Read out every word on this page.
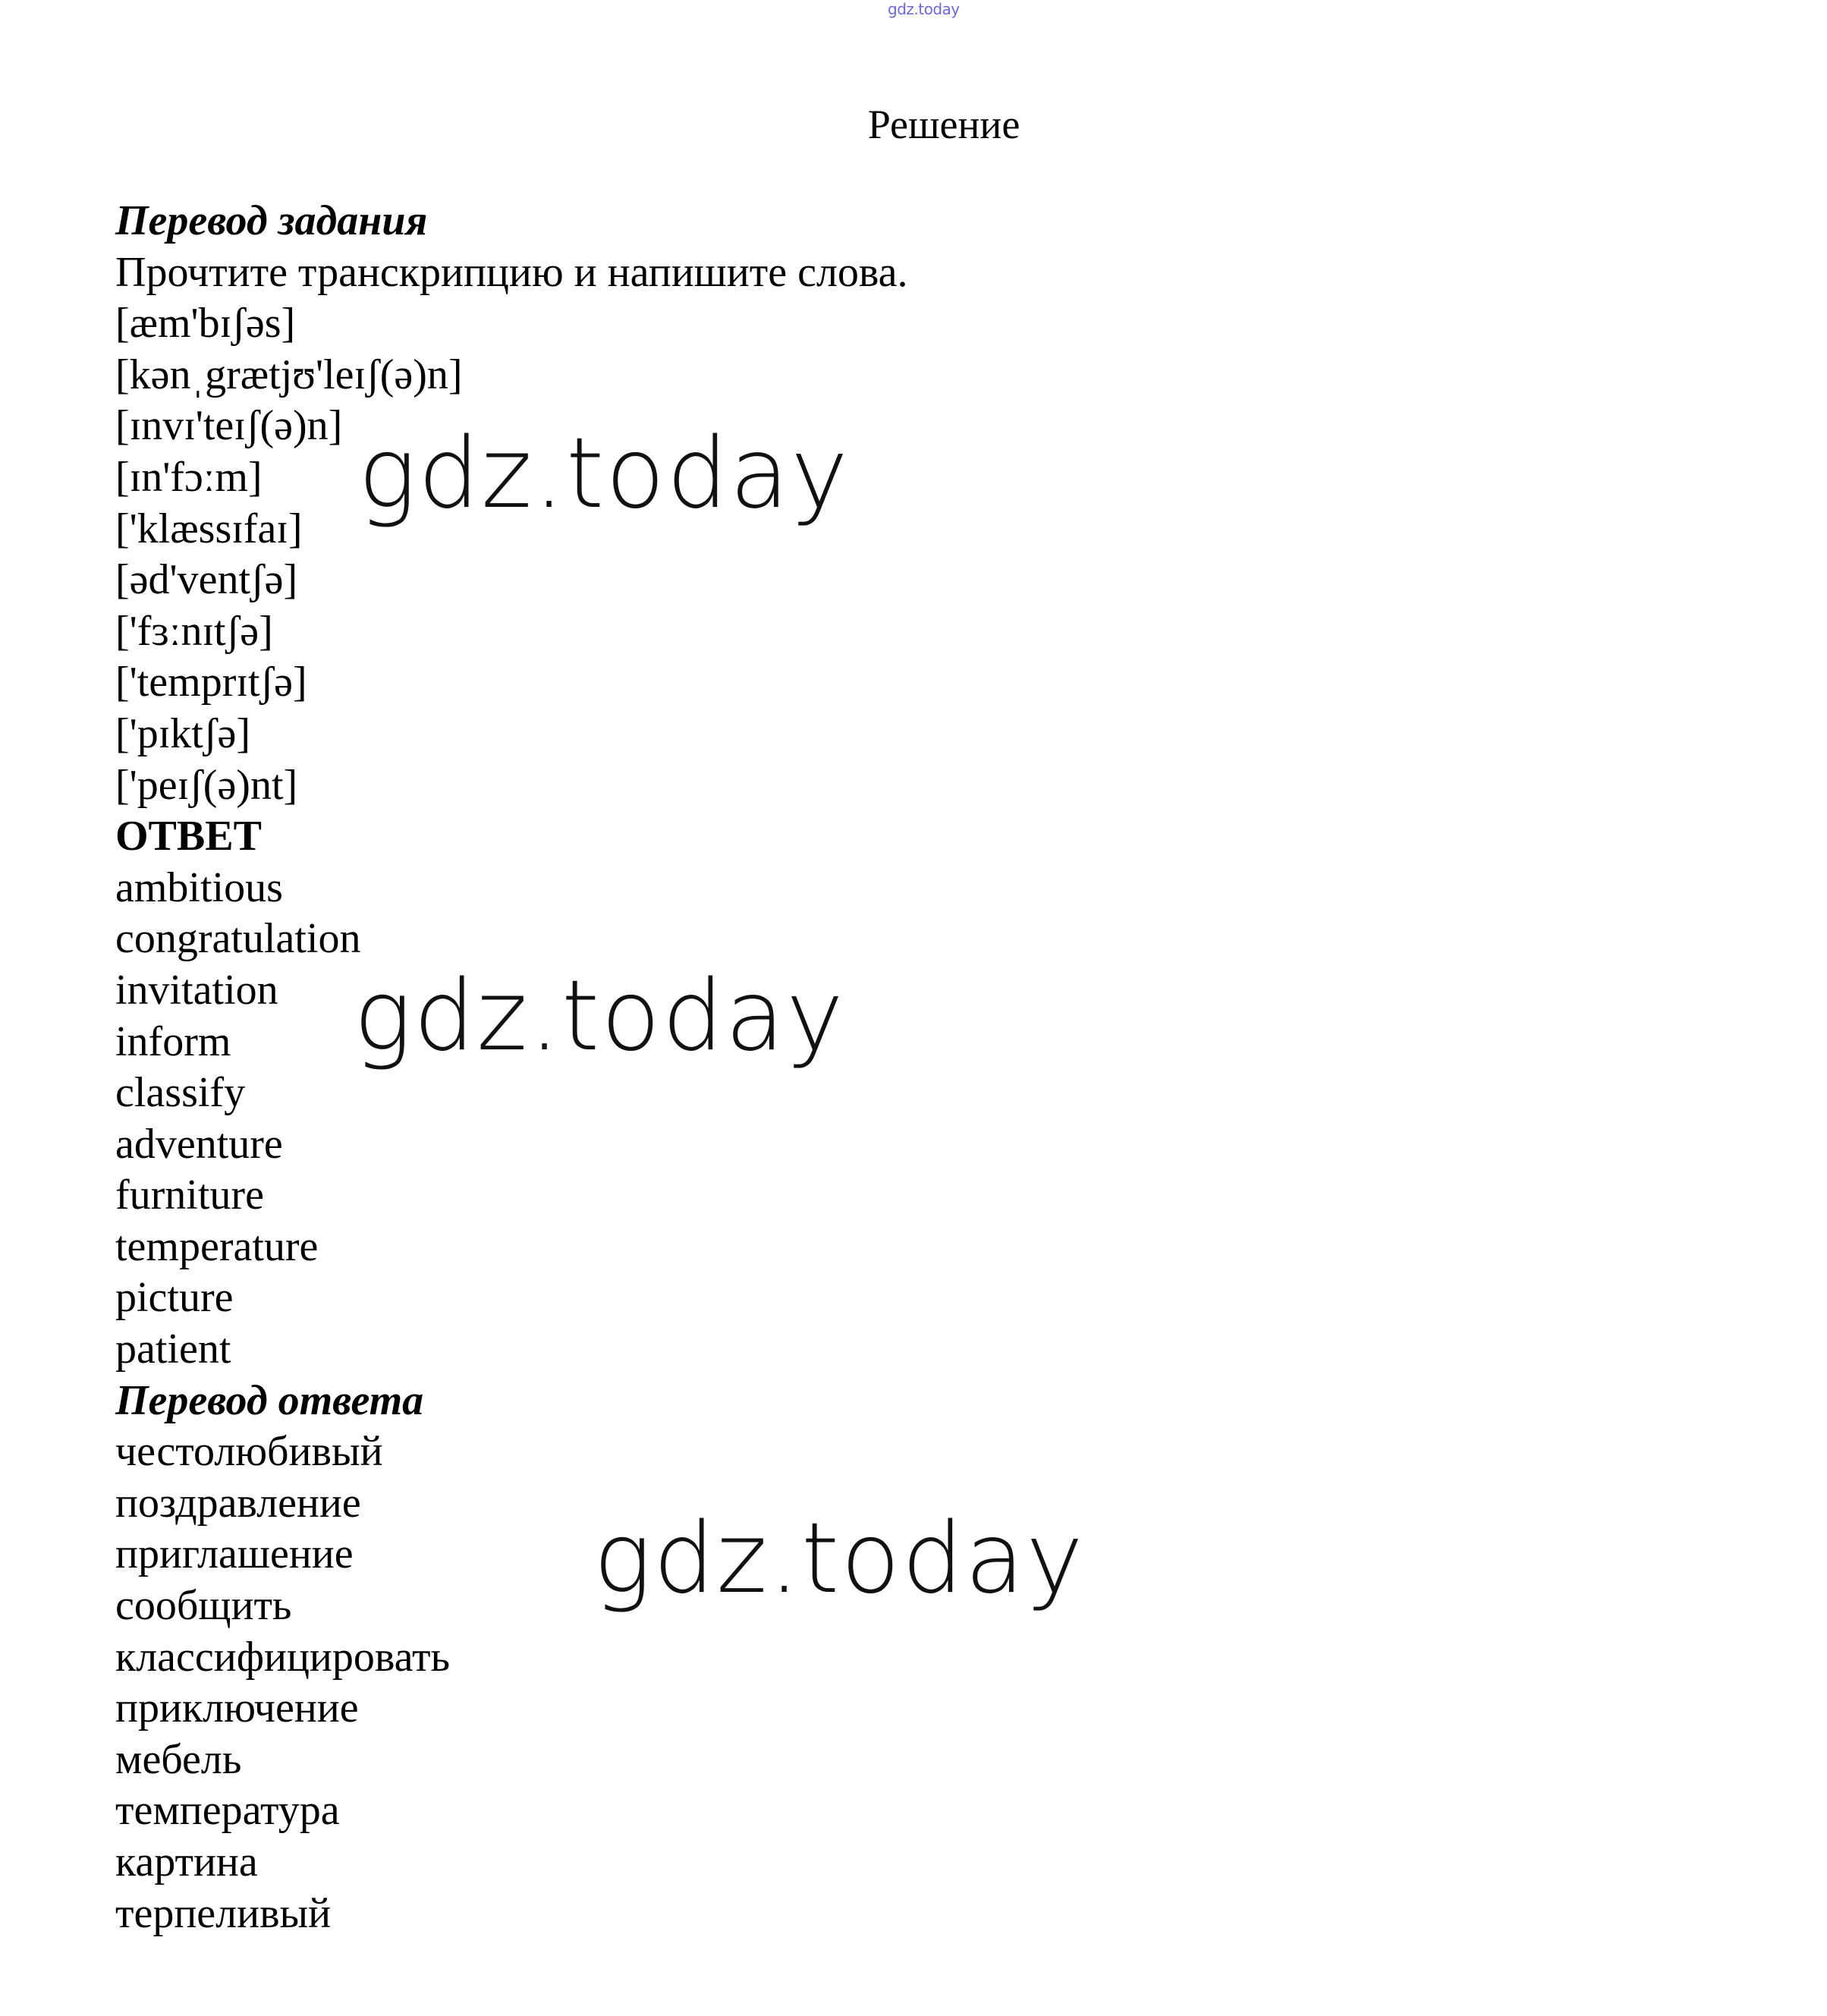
gdz.today
Решение
Перевод задания
Прочтите транскрипцию и напишите слова.
[æm'bɪʃəs]
[kənˌgrætjʊ'leɪʃ(ə)n]
[ɪnvɪ'teɪʃ(ə)n]
[ɪn'fɔːm]
['klæssɪfaɪ]
[əd'ventʃə]
['fɜːnɪtʃə]
['temprɪtʃə]
['pɪktʃə]
['peɪʃ(ə)nt]
ОТВЕТ
ambitious
congratulation
invitation
inform
classify
adventure
furniture
temperature
picture
patient
Перевод ответа
честолюбивый
поздравление
приглашение
сообщить
классифицировать
приключение
мебель
температура
картина
терпеливый
gdz.today
gdz.today
gdz.today
